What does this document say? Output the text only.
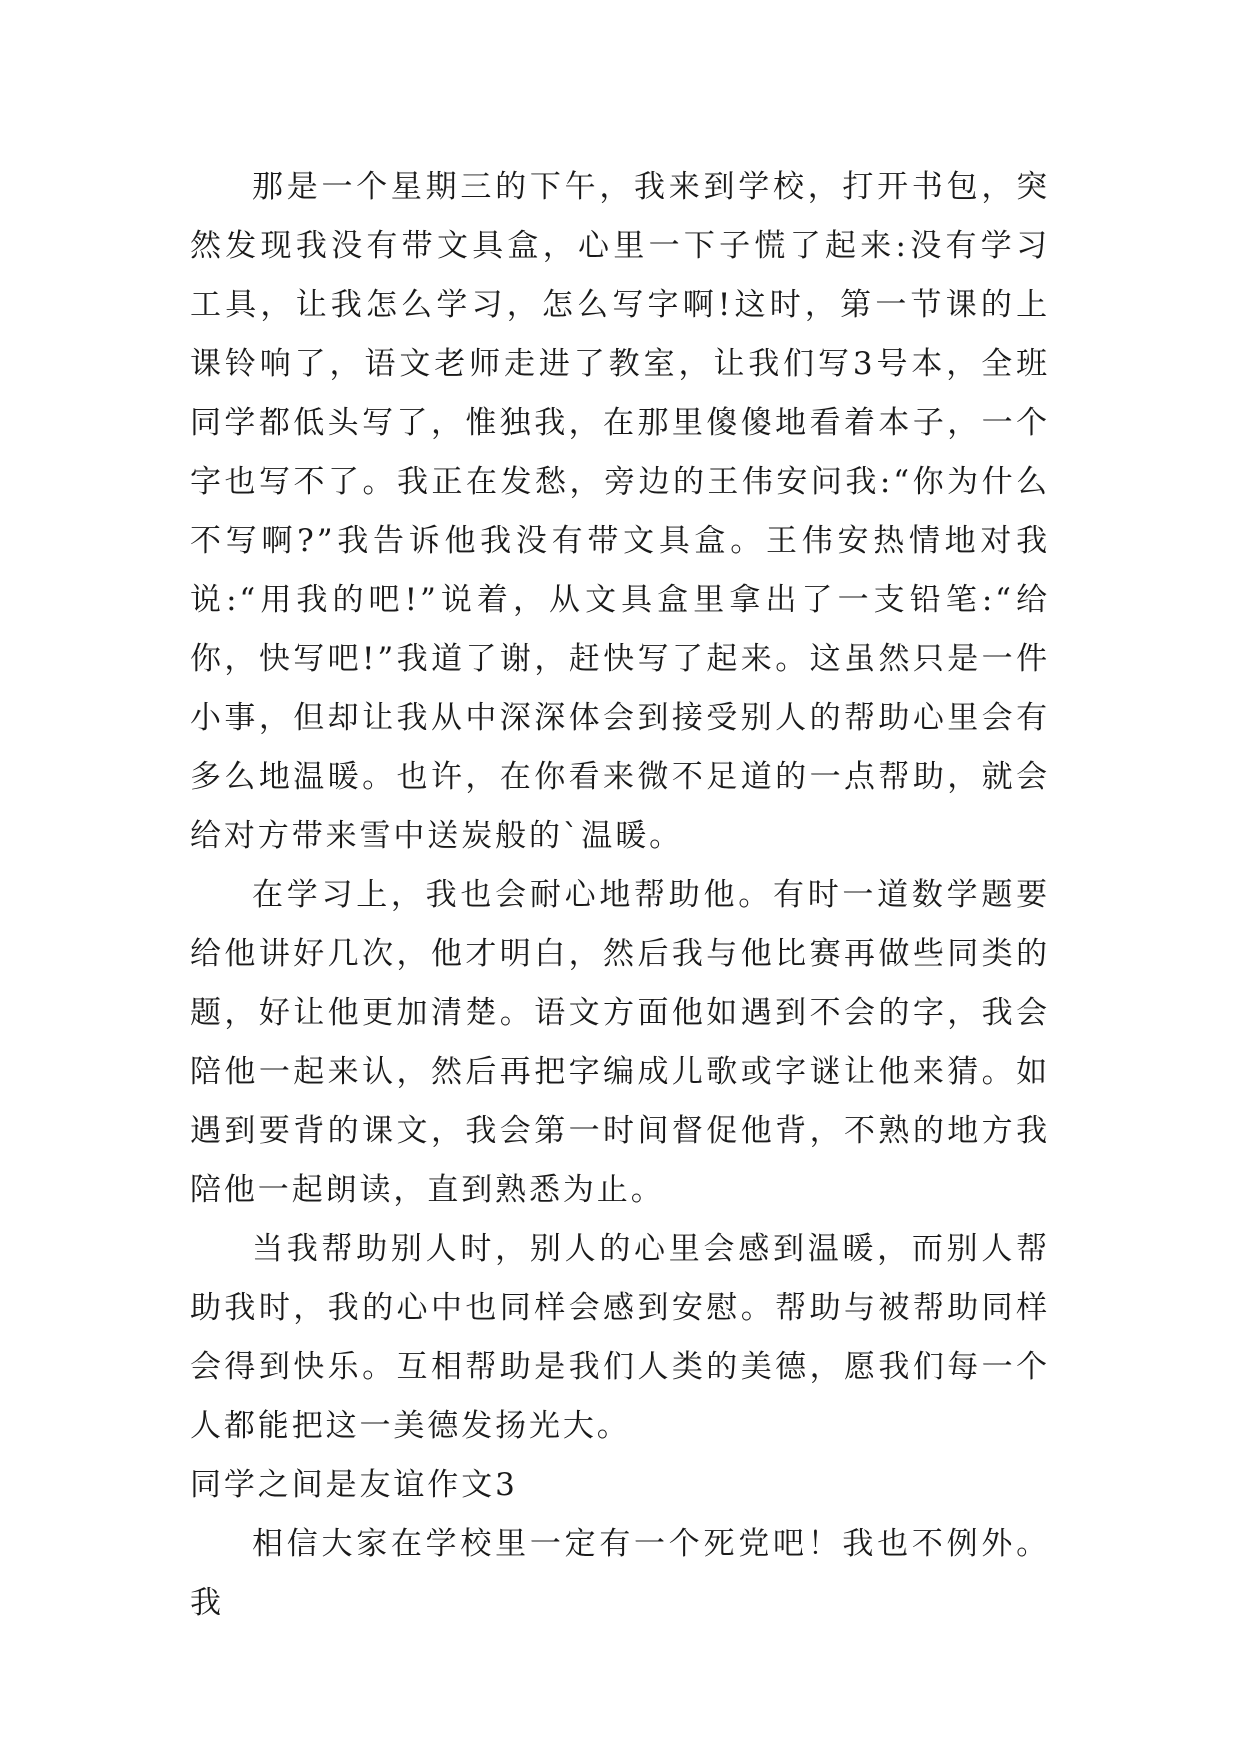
那是一个星期三的下午，我来到学校，打开书包，突然发现我没有带文具盒，心里一下子慌了起来:没有学习工具，让我怎么学习，怎么写字啊!这时，第一节课的上课铃响了，语文老师走进了教室，让我们写3号本，全班同学都低头写了，惟独我，在那里傻傻地看着本子，一个字也写不了。我正在发愁，旁边的王伟安问我:“你为什么不写啊?”我告诉他我没有带文具盒。王伟安热情地对我说:“用我的吧!”说着，从文具盒里拿出了一支铅笔:“给你，快写吧!”我道了谢，赶快写了起来。这虽然只是一件小事，但却让我从中深深体会到接受别人的帮助心里会有多么地温暖。也许，在你看来微不足道的一点帮助，就会给对方带来雪中送炭般的`温暖。

在学习上，我也会耐心地帮助他。有时一道数学题要给他讲好几次，他才明白，然后我与他比赛再做些同类的题，好让他更加清楚。语文方面他如遇到不会的字，我会陪他一起来认，然后再把字编成儿歌或字谜让他来猜。如遇到要背的课文，我会第一时间督促他背，不熟的地方我陪他一起朗读，直到熟悉为止。

当我帮助别人时，别人的心里会感到温暖，而别人帮助我时，我的心中也同样会感到安慰。帮助与被帮助同样会得到快乐。互相帮助是我们人类的美德，愿我们每一个人都能把这一美德发扬光大。

同学之间是友谊作文3

相信大家在学校里一定有一个死党吧！我也不例外。我
